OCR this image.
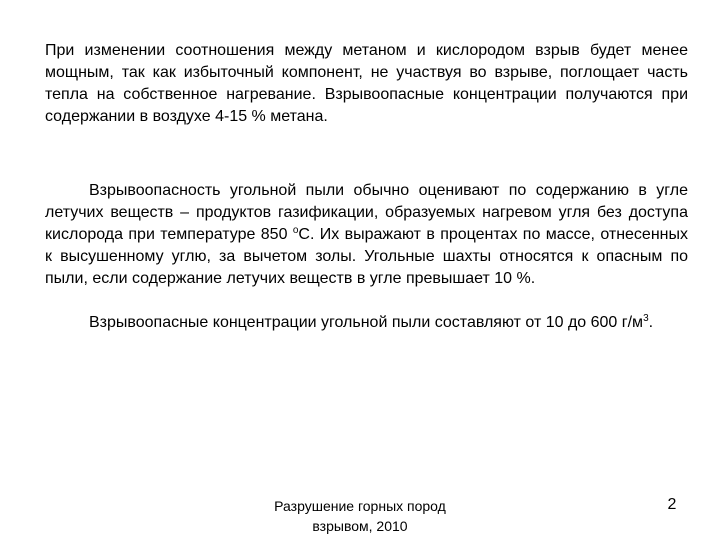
При изменении соотношения между метаном и кислородом взрыв будет менее мощным, так как избыточный компонент, не участвуя во взрыве, поглощает часть тепла на собственное нагревание. Взрывоопасные концентрации получаются при содержании в воздухе 4-15 % метана.

Взрывоопасность угольной пыли обычно оценивают по содержанию в угле летучих веществ – продуктов газификации, образуемых нагревом угля без доступа кислорода при температуре 850 $^o$С. Их выражают в процентах по массе, отнесенных к высушенному углю, за вычетом золы. Угольные шахты относятся к опасным по пыли, если содержание летучих веществ в угле превышает 10 %.

Взрывоопасные концентрации угольной пыли составляют от 10 до 600 $г/м^3$.

Разрушение горных пород
взрывом, 2010
2
